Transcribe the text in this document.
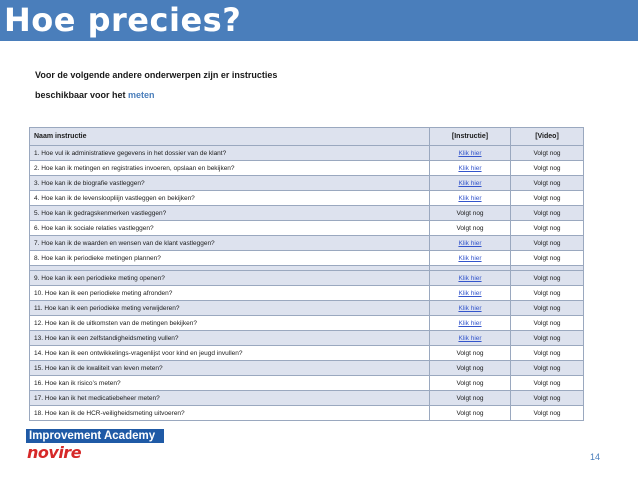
Hoe precies?
Voor de volgende andere onderwerpen zijn er instructies
beschikbaar voor het meten
Naam instructie	[Instructie]	[Video]
1. Hoe vul ik administratieve gegevens in het dossier van de klant?	Klik hier	Volgt nog
2. Hoe kan ik metingen en registraties invoeren, opslaan en bekijken?	Klik hier	Volgt nog
3. Hoe kan ik de biografie vastleggen?	Klik hier	Volgt nog
4. Hoe kan ik de levensloopliijn vastleggen en bekijken?	Klik hier	Volgt nog
5. Hoe kan ik gedragskenmerken vastleggen?	Volgt nog	Volgt nog
6. Hoe kan ik sociale relaties vastleggen?	Volgt nog	Volgt nog
7. Hoe kan ik de waarden en wensen van de klant vastleggen?	Klik hier	Volgt nog
8. Hoe kan ik periodieke metingen plannen?	Klik hier	Volgt nog

9. Hoe kan ik een periodieke meting openen?	Klik hier	Volgt nog
10. Hoe kan ik een periodieke meting afronden?	Klik hier	Volgt nog
11. Hoe kan ik een periodieke meting verwijderen?	Klik hier	Volgt nog
12. Hoe kan ik de uitkomsten van de metingen bekijken?	Klik hier	Volgt nog
13. Hoe kan ik een zelfstandigheidsmeting vullen?	Klik hier	Volgt nog
14. Hoe kan ik een ontwikkelings-vragenlijst voor kind en jeugd invullen?	Volgt nog	Volgt nog
15. Hoe kan ik de kwaliteit van leven meten?	Volgt nog	Volgt nog
16. Hoe kan ik risico’s meten?	Volgt nog	Volgt nog
17. Hoe kan ik het medicatiebeheer meten?	Volgt nog	Volgt nog
18. Hoe kan ik de HCR-veiligheidsmeting uitvoeren?	Volgt nog	Volgt nog
Improvement Academy
novire	14
